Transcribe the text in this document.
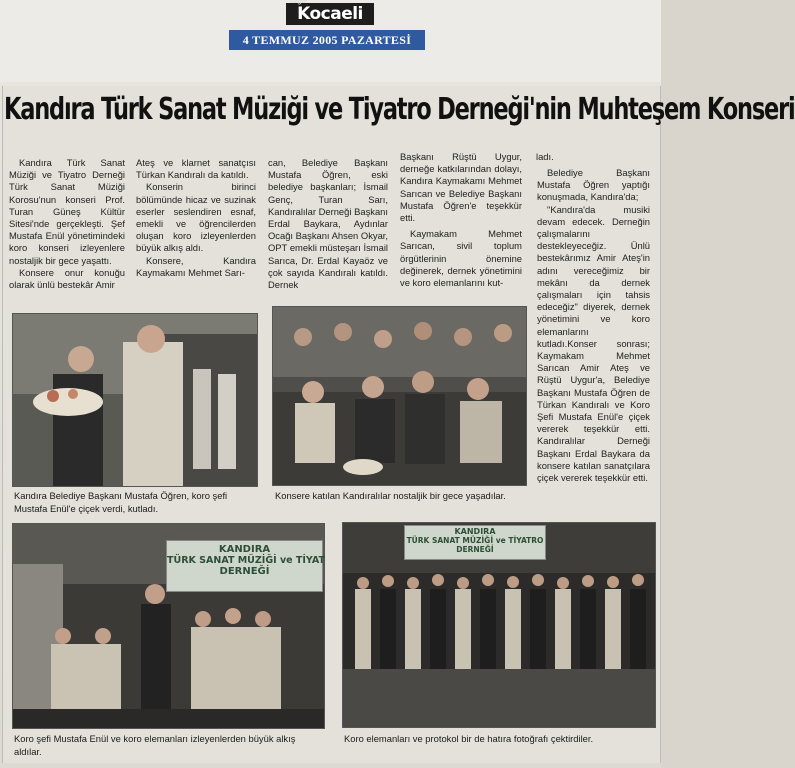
Kocaeli
Özgür
4 TEMMUZ 2005 PAZARTESİ
Kandıra Türk Sanat Müziği ve Tiyatro Derneği'nin Muhteşem Konseri

Kandıra Türk Sanat Müziği ve Tiyatro Derneği Türk Sanat Müziği Korosu'nun konseri Prof. Turan Güneş Kültür Sitesi'nde gerçekleşti. Şef Mustafa Enül yönetimindeki koro konseri izleyenlere nostaljik bir gece yaşattı.

Konsere onur konuğu olarak ünlü bestekâr Amir

Ateş ve klarnet sanatçısı Türkan Kandıralı da katıldı.

Konserin birinci bölümünde hicaz ve suzinak eserler seslendiren esnaf, emekli ve öğrencilerden oluşan koro izleyenlerden büyük alkış aldı.

Konsere, Kandıra Kaymakamı Mehmet Sarı-

can, Belediye Başkanı Mustafa Öğren, eski belediye başkanları; İsmail Genç, Turan Sarı, Kandıralılar Derneği Başkanı Erdal Baykara, Aydınlar Ocağı Başkanı Ahsen Okyar, OPT emekli müsteşarı İsmail Sarıca, Dr. Erdal Kayaöz ve çok sayıda Kandıralı katıldı. Dernek

Başkanı Rüştü Uygur, derneğe katkılarından dolayı, Kandıra Kaymakamı Mehmet Sarıcan ve Belediye Başkanı Mustafa Öğren'e teşekkür etti.

Kaymakam Mehmet Sarıcan, sivil toplum örgütlerinin önemine değinerek, dernek yönetimini ve koro elemanlarını kut-

ladı.

Belediye Başkanı Mustafa Öğren yaptığı konuşmada, Kandıra'da;

"Kandıra'da musiki devam edecek. Derneğin çalışmalarını destekleyeceğiz. Ünlü bestekârımız Amir Ateş'in adını vereceğimiz bir mekânı da dernek çalışmaları için tahsis edeceğiz" diyerek, dernek yönetimini ve koro elemanlarını kutladı.Konser sonrası; Kaymakam Mehmet Sarıcan Amir Ateş ve Rüştü Uygur'a, Belediye Başkanı Mustafa Öğren de Türkan Kandıralı ve Koro Şefi Mustafa Enül'e çiçek vererek teşekkür etti. Kandıralılar Derneği Başkanı Erdal Baykara da konsere katılan sanatçılara çiçek vererek teşekkür etti.

Kandıra Belediye Başkanı Mustafa Öğren, koro şefi Mustafa Enül'e çiçek verdi, kutladı.
Konsere katılan Kandıralılar nostaljik bir gece yaşadılar.
KANDIRA
TÜRK SANAT MÜZİĞİ ve TİYAT
DERNEĞİ
Koro şefi Mustafa Enül ve koro elemanları izleyenlerden büyük alkış aldılar.
KANDIRA
TÜRK SANAT MÜZİĞİ ve TİYATRO
DERNEĞİ
Koro elemanları ve protokol bir de hatıra fotoğrafı çektirdiler.
